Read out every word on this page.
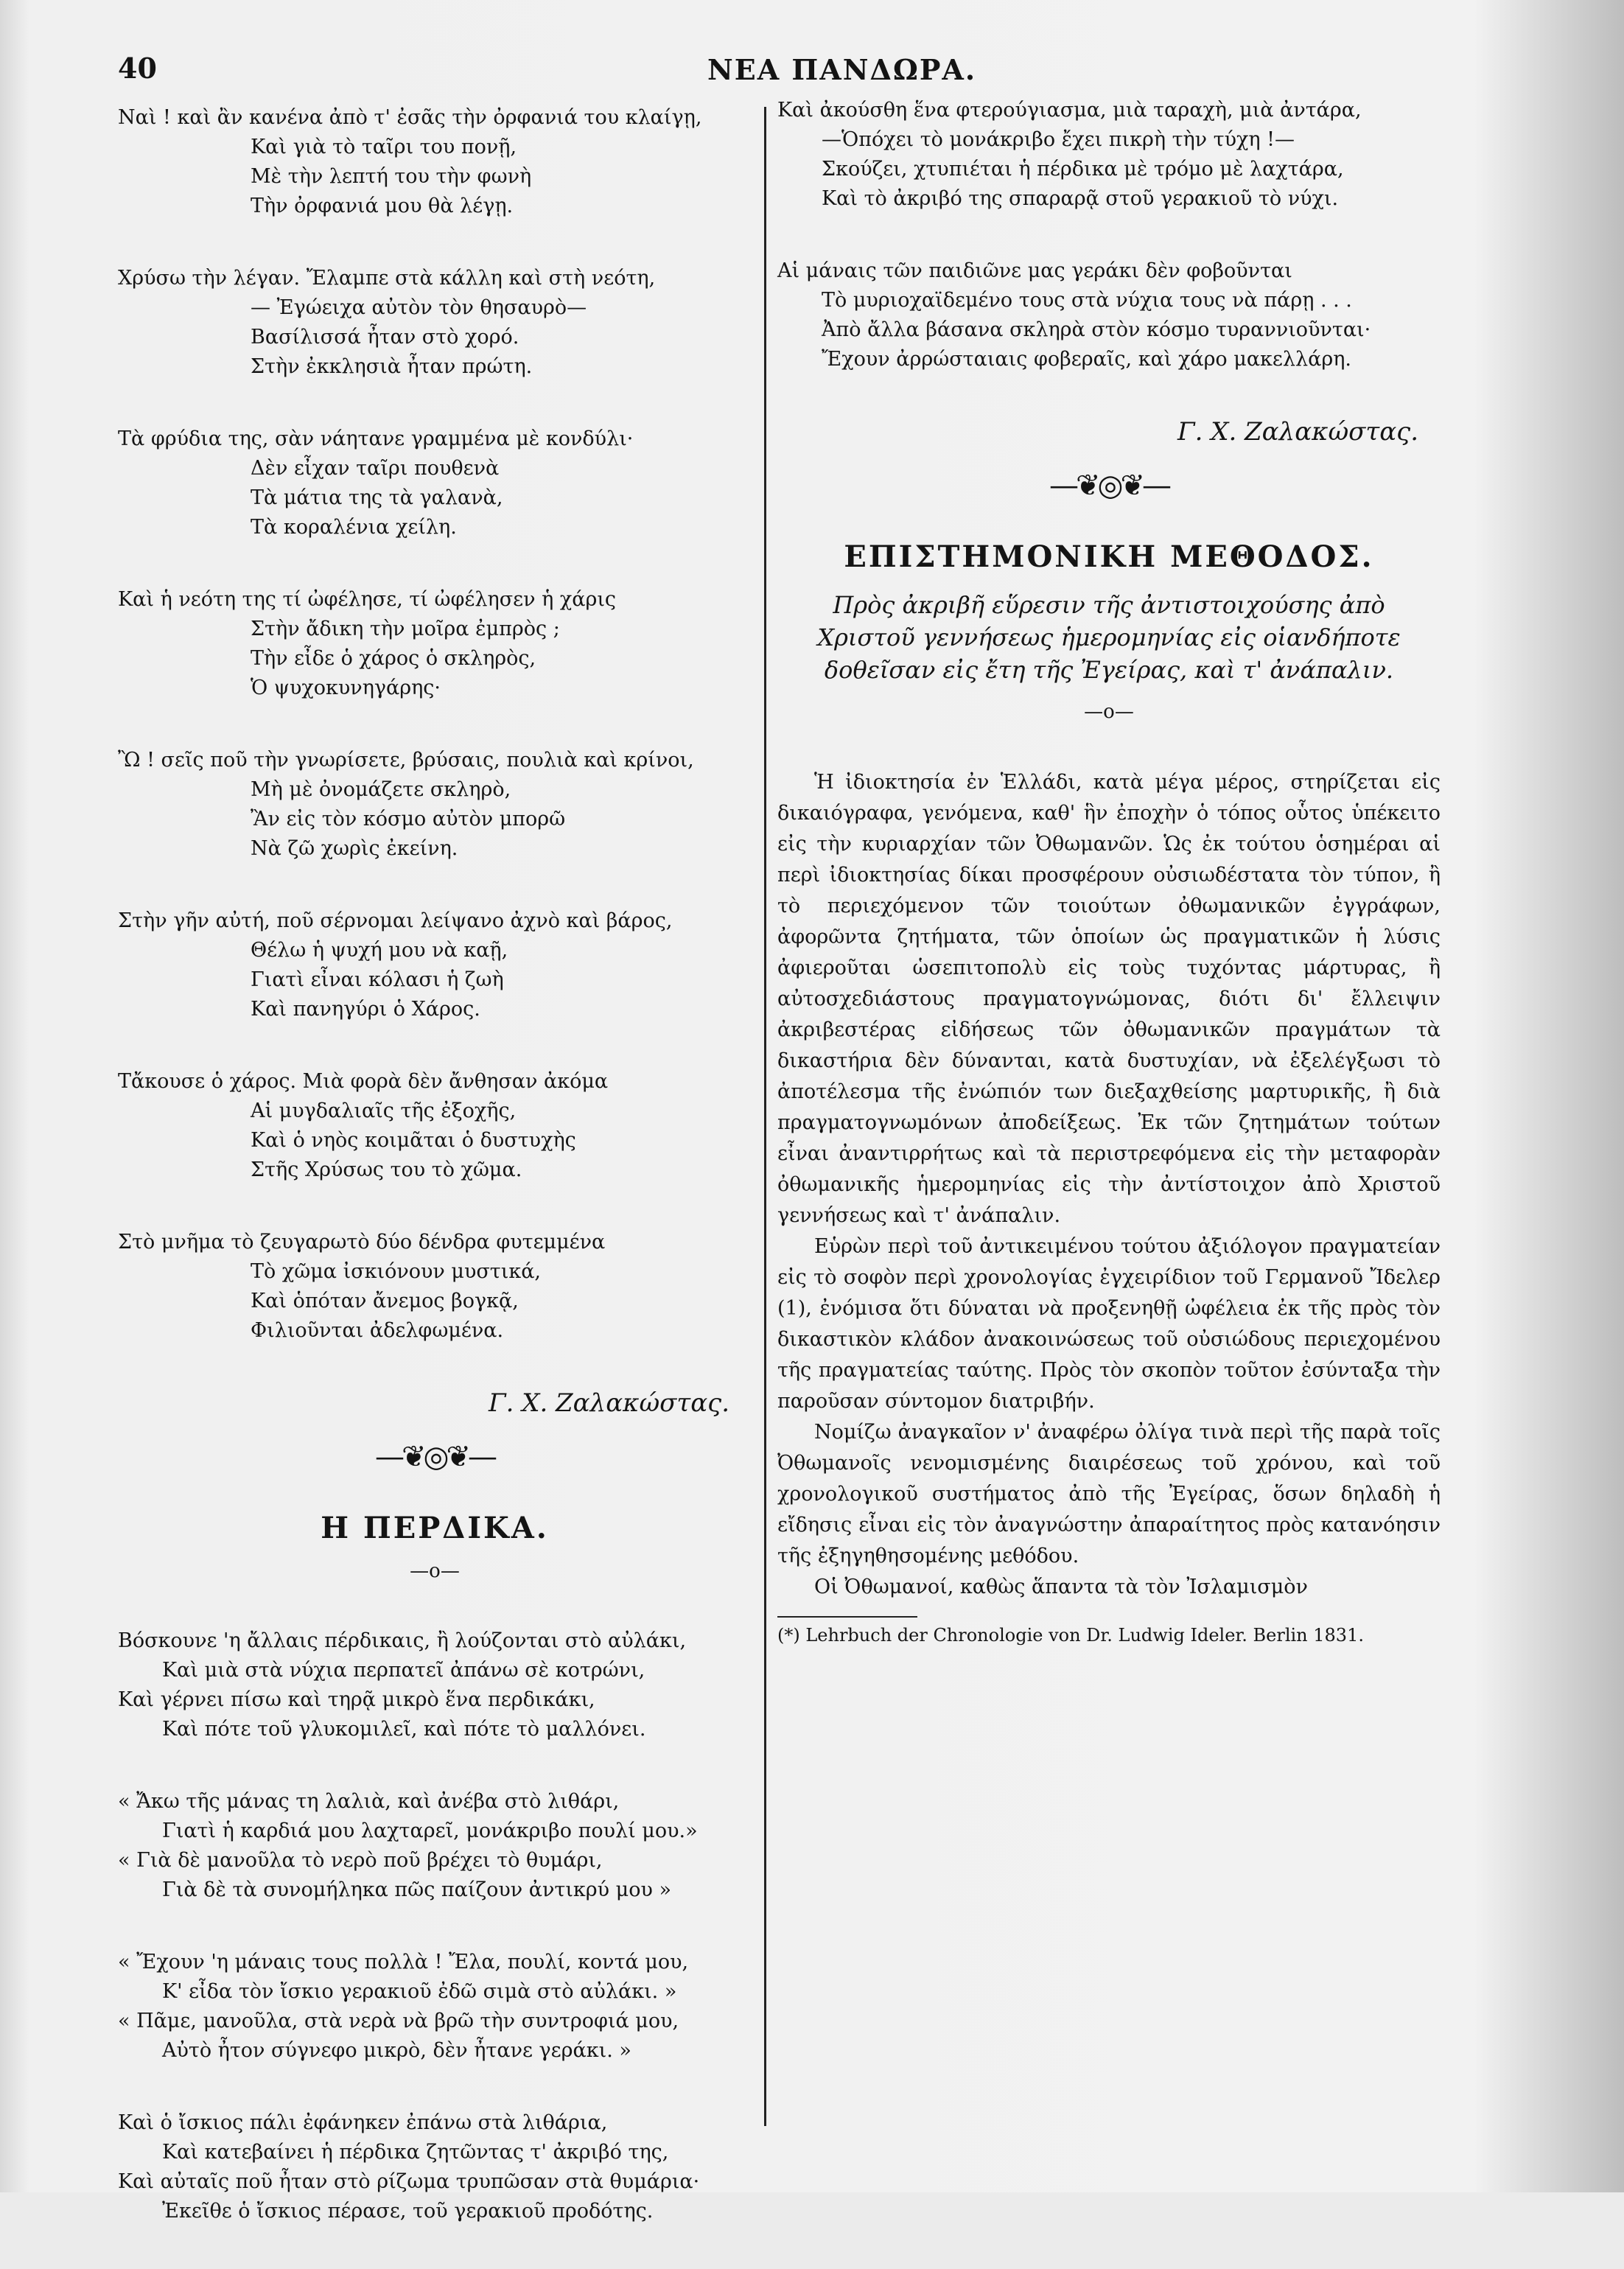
40	ΝΕΑ ΠΑΝΔΩΡΑ.
Ναὶ ! καὶ ἂν κανένα ἀπὸ τ' ἐσᾶς τὴν ὀρφανιά του κλαίγῃ,
Καὶ γιὰ τὸ ταῖρι του πονῇ,
Μὲ τὴν λεπτή του τὴν φωνὴ
Τὴν ὀρφανιά μου θὰ λέγῃ.
Χρύσω τὴν λέγαν. Ἔλαμπε στὰ κάλλη καὶ στὴ νεότη,
— Ἐγώειχα αὐτὸν τὸν θησαυρὸ—
Βασίλισσά ἦταν στὸ χορό.
Στὴν ἐκκλησιὰ ἦταν πρώτη.
Τὰ φρύδια της, σὰν νάητανε γραμμένα μὲ κονδύλι·
Δὲν εἶχαν ταῖρι πουθενὰ
Τὰ μάτια της τὰ γαλανὰ,
Τὰ κοραλένια χείλη.
Καὶ ἡ νεότη της τί ὠφέλησε, τί ὠφέλησεν ἡ χάρις
Στὴν ἄδικη τὴν μοῖρα ἐμπρὸς ;
Τὴν εἶδε ὁ χάρος ὁ σκληρὸς,
Ὁ ψυχοκυνηγάρης·
Ὢ ! σεῖς ποῦ τὴν γνωρίσετε, βρύσαις, πουλιὰ καὶ κρίνοι,
Μὴ μὲ ὀνομάζετε σκληρὸ,
Ἂν εἰς τὸν κόσμο αὐτὸν μπορῶ
Νὰ ζῶ χωρὶς ἐκείνη.
Στὴν γῆν αὐτή, ποῦ σέρνομαι λείψανο ἀχνὸ καὶ βάρος,
Θέλω ἡ ψυχή μου νὰ καῇ,
Γιατὶ εἶναι κόλασι ἡ ζωὴ
Καὶ πανηγύρι ὁ Χάρος.
Τἄκουσε ὁ χάρος. Μιὰ φορὰ δὲν ἄνθησαν ἀκόμα
Αἱ μυγδαλιαῖς τῆς ἐξοχῆς,
Καὶ ὁ νηὸς κοιμᾶται ὁ δυστυχὴς
Στῆς Χρύσως του τὸ χῶμα.
Στὸ μνῆμα τὸ ζευγαρωτὸ δύο δένδρα φυτεμμένα
Τὸ χῶμα ἰσκιόνουν μυστικά,
Καὶ ὁπόταν ἄνεμος βογκᾷ,
Φιλιοῦνται ἀδελφωμένα.
Γ. Χ. Ζαλακώστας.
—❦◎❦—
Η ΠΕΡΔΙΚΑ.
—o—
Βόσκουνε 'η ἄλλαις πέρδικαις, ἢ λούζονται στὸ αὐλάκι,
Καὶ μιὰ στὰ νύχια περπατεῖ ἀπάνω σὲ κοτρώνι,
Καὶ γέρνει πίσω καὶ τηρᾷ μικρὸ ἕνα περδικάκι,
Καὶ πότε τοῦ γλυκομιλεῖ, καὶ πότε τὸ μαλλόνει.
« Ἄκω τῆς μάνας τη λαλιὰ, καὶ ἀνέβα στὸ λιθάρι,
Γιατὶ ἡ καρδιά μου λαχταρεῖ, μονάκριβο πουλί μου.»
« Γιὰ δὲ μανοῦλα τὸ νερὸ ποῦ βρέχει τὸ θυμάρι,
Γιὰ δὲ τὰ συνομήληκα πῶς παίζουν ἀντικρύ μου »
« Ἔχουν 'η μάναις τους πολλὰ ! Ἔλα, πουλί, κοντά μου,
Κ' εἶδα τὸν ἴσκιο γερακιοῦ ἐδῶ σιμὰ στὸ αὐλάκι. »
« Πᾶμε, μανοῦλα, στὰ νερὰ νὰ βρῶ τὴν συντροφιά μου,
Αὐτὸ ἦτον σύγνεφο μικρὸ, δὲν ἦτανε γεράκι. »
Καὶ ὁ ἴσκιος πάλι ἐφάνηκεν ἐπάνω στὰ λιθάρια,
Καὶ κατεβαίνει ἡ πέρδικα ζητῶντας τ' ἀκριβό της,
Καὶ αὐταῖς ποῦ ἦταν στὸ ρίζωμα τρυπῶσαν στὰ θυμάρια·
Ἐκεῖθε ὁ ἴσκιος πέρασε, τοῦ γερακιοῦ προδότης.
Καὶ ἀκούσθη ἕνα φτερούγιασμα, μιὰ ταραχὴ, μιὰ ἀντάρα,
—Ὁπόχει τὸ μονάκριβο ἔχει πικρὴ τὴν τύχη !—
Σκούζει, χτυπιέται ἡ πέρδικα μὲ τρόμο μὲ λαχτάρα,
Καὶ τὸ ἀκριβό της σπαραρᾷ στοῦ γερακιοῦ τὸ νύχι.
Αἱ μάναις τῶν παιδιῶνε μας γεράκι δὲν φοβοῦνται
Τὸ μυριοχαϊδεμένο τους στὰ νύχια τους νὰ πάρῃ . . .
Ἀπὸ ἄλλα βάσανα σκληρὰ στὸν κόσμο τυραννιοῦνται·
Ἔχουν ἀρρώσταιαις φοβεραῖς, καὶ χάρο μακελλάρη.
Γ. Χ. Ζαλακώστας.
—❦◎❦—
ΕΠΙΣΤΗΜΟΝΙΚΗ ΜΕΘΟΔΟΣ.
Πρὸς ἀκριβῆ εὕρεσιν τῆς ἀντιστοιχούσης ἀπὸ Χριστοῦ γεννήσεως ἡμερομηνίας εἰς οἱανδήποτε δοθεῖσαν εἰς ἔτη τῆς Ἐγείρας, καὶ τ' ἀνάπαλιν.
—o—

Ἡ ἰδιοκτησία ἐν Ἑλλάδι, κατὰ μέγα μέρος, στηρίζεται εἰς δικαιόγραφα, γενόμενα, καθ' ἣν ἐποχὴν ὁ τόπος οὗτος ὑπέκειτο εἰς τὴν κυριαρχίαν τῶν Ὀθωμανῶν. Ὡς ἐκ τούτου ὁσημέραι αἱ περὶ ἰδιοκτησίας δίκαι προσφέρουν οὐσιωδέστατα τὸν τύπον, ἢ τὸ περιεχόμενον τῶν τοιούτων ὀθωμανικῶν ἐγγράφων, ἀφορῶντα ζητήματα, τῶν ὁποίων ὡς πραγματικῶν ἡ λύσις ἀφιεροῦται ὡσεπιτοπολὺ εἰς τοὺς τυχόντας μάρτυρας, ἢ αὐτοσχεδιάστους πραγματογνώμονας, διότι δι' ἔλλειψιν ἀκριβεστέρας εἰδήσεως τῶν ὀθωμανικῶν πραγμάτων τὰ δικαστήρια δὲν δύνανται, κατὰ δυστυχίαν, νὰ ἐξελέγξωσι τὸ ἀποτέλεσμα τῆς ἐνώπιόν των διεξαχθείσης μαρτυρικῆς, ἢ διὰ πραγματογνωμόνων ἀποδείξεως. Ἐκ τῶν ζητημάτων τούτων εἶναι ἀναντιρρήτως καὶ τὰ περιστρεφόμενα εἰς τὴν μεταφορὰν ὀθωμανικῆς ἡμερομηνίας εἰς τὴν ἀντίστοιχον ἀπὸ Χριστοῦ γεννήσεως καὶ τ' ἀνάπαλιν.

Εὑρὼν περὶ τοῦ ἀντικειμένου τούτου ἀξιόλογον πραγματείαν εἰς τὸ σοφὸν περὶ χρονολογίας ἐγχειρίδιον τοῦ Γερμανοῦ Ἴδελερ (1), ἐνόμισα ὅτι δύναται νὰ προξενηθῇ ὠφέλεια ἐκ τῆς πρὸς τὸν δικαστικὸν κλάδον ἀνακοινώσεως τοῦ οὐσιώδους περιεχομένου τῆς πραγματείας ταύτης. Πρὸς τὸν σκοπὸν τοῦτον ἐσύνταξα τὴν παροῦσαν σύντομον διατριβήν.

Νομίζω ἀναγκαῖον ν' ἀναφέρω ὀλίγα τινὰ περὶ τῆς παρὰ τοῖς Ὀθωμανοῖς νενομισμένης διαιρέσεως τοῦ χρόνου, καὶ τοῦ χρονολογικοῦ συστήματος ἀπὸ τῆς Ἐγείρας, ὅσων δηλαδὴ ἡ εἴδησις εἶναι εἰς τὸν ἀναγνώστην ἀπαραίτητος πρὸς κατανόησιν τῆς ἐξηγηθησομένης μεθόδου.

Οἱ Ὀθωμανοί, καθὼς ἅπαντα τὰ τὸν Ἰσλαμισμὸν

(*) Lehrbuch der Chronologie von Dr. Ludwig Ideler. Berlin 1831.
